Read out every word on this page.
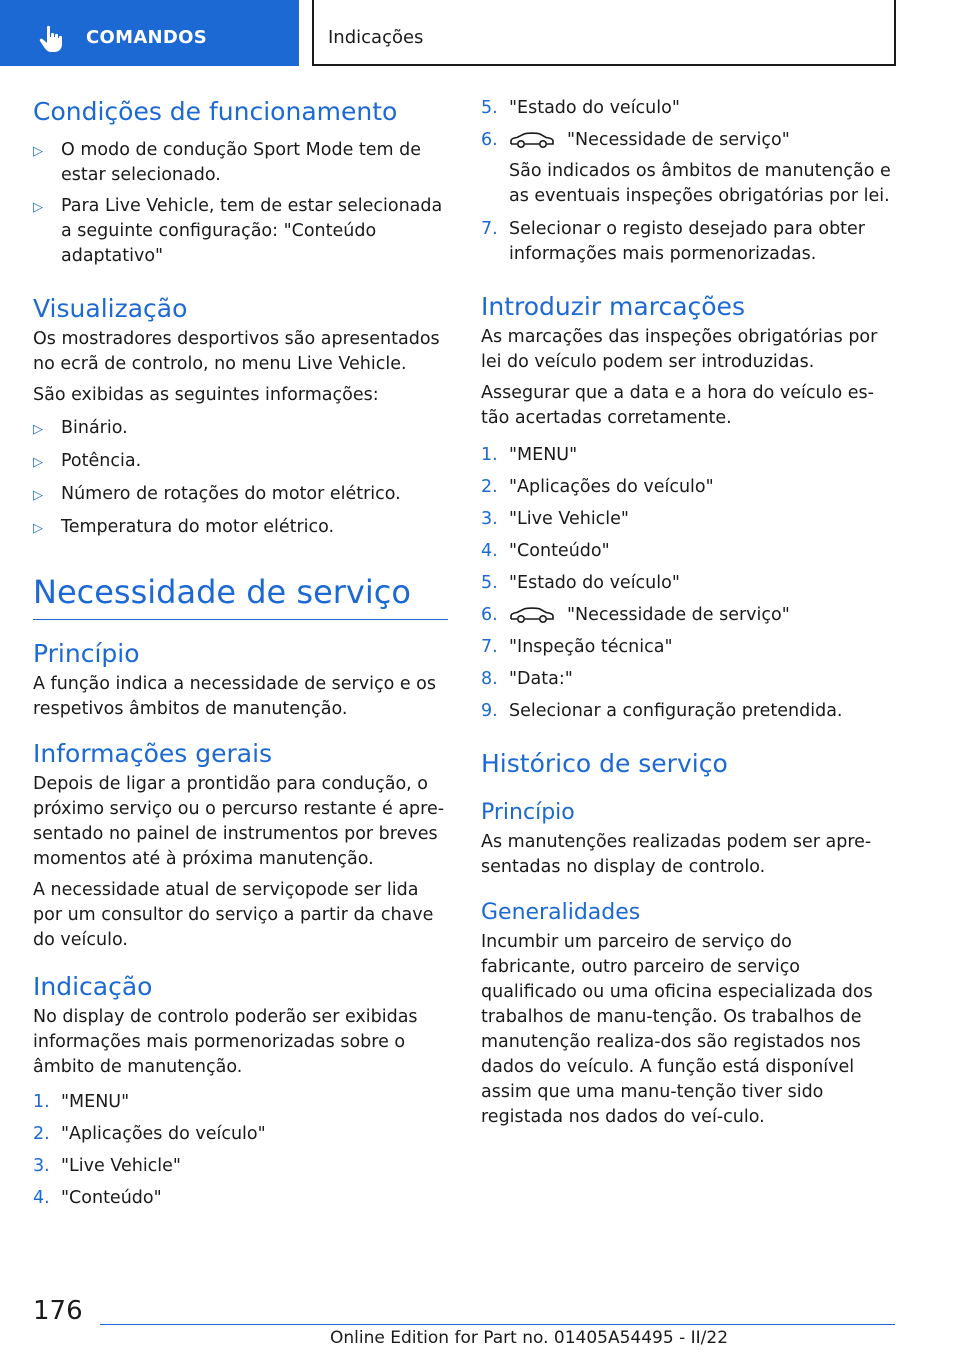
COMANDOS	Indicações
Condições de funcionamento
▷	O modo de condução Sport Mode tem de estar selecionado.
▷	Para Live Vehicle, tem de estar selecionada a seguinte configuração: "Conteúdo adaptativo"
Visualização
Os mostradores desportivos são apresentados no ecrã de controlo, no menu Live Vehicle.
São exibidas as seguintes informações:
▷	Binário.
▷	Potência.
▷	Número de rotações do motor elétrico.
▷	Temperatura do motor elétrico.
Necessidade de serviço
Princípio
A função indica a necessidade de serviço e os respetivos âmbitos de manutenção.
Informações gerais
Depois de ligar a prontidão para condução, o próximo serviço ou o percurso restante é apre-sentado no painel de instrumentos por breves momentos até à próxima manutenção.
A necessidade atual de serviçopode ser lida por um consultor do serviço a partir da chave do veículo.
Indicação
No display de controlo poderão ser exibidas informações mais pormenorizadas sobre o âmbito de manutenção.
1. "MENU"
2. "Aplicações do veículo"
3. "Live Vehicle"
4. "Conteúdo"
5. "Estado do veículo"
6.	"Necessidade de serviço"
São indicados os âmbitos de manutenção e as eventuais inspeções obrigatórias por lei.
7. Selecionar o registo desejado para obter informações mais pormenorizadas.
Introduzir marcações
As marcações das inspeções obrigatórias por lei do veículo podem ser introduzidas.
Assegurar que a data e a hora do veículo es-tão acertadas corretamente.
1. "MENU"
2. "Aplicações do veículo"
3. "Live Vehicle"
4. "Conteúdo"
5. "Estado do veículo"
6.	"Necessidade de serviço"
7. "Inspeção técnica"
8. "Data:"
9. Selecionar a configuração pretendida.
Histórico de serviço
Princípio
As manutenções realizadas podem ser apre-sentadas no display de controlo.
Generalidades
Incumbir um parceiro de serviço do fabricante, outro parceiro de serviço qualificado ou uma oficina especializada dos trabalhos de manu-tenção. Os trabalhos de manutenção realiza-dos são registados nos dados do veículo. A função está disponível assim que uma manu-tenção tiver sido registada nos dados do veí-culo.
176
Online Edition for Part no. 01405A54495 - II/22
